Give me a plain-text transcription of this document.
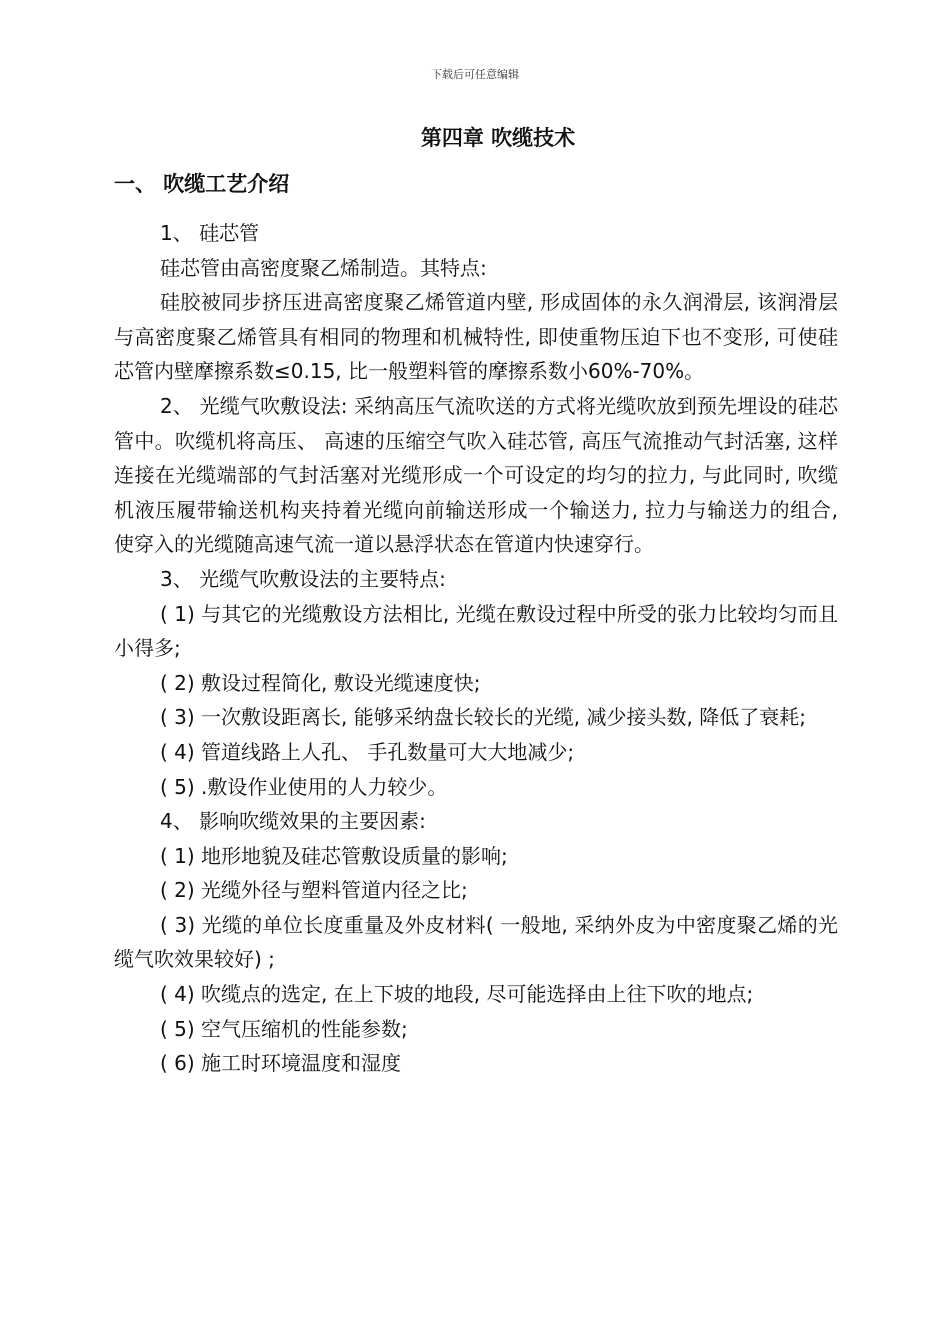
下载后可任意编辑
第四章 吹缆技术
一、 吹缆工艺介绍

1、 硅芯管

硅芯管由高密度聚乙烯制造。其特点:

硅胶被同步挤压进高密度聚乙烯管道内壁, 形成固体的永久润滑层, 该润滑层与高密度聚乙烯管具有相同的物理和机械特性, 即使重物压迫下也不变形, 可使硅芯管内壁摩擦系数≤0.15, 比一般塑料管的摩擦系数小60%-70%。

2、 光缆气吹敷设法: 采纳高压气流吹送的方式将光缆吹放到预先埋设的硅芯管中。吹缆机将高压、 高速的压缩空气吹入硅芯管, 高压气流推动气封活塞, 这样连接在光缆端部的气封活塞对光缆形成一个可设定的均匀的拉力, 与此同时, 吹缆机液压履带输送机构夹持着光缆向前输送形成一个输送力, 拉力与输送力的组合, 使穿入的光缆随高速气流一道以悬浮状态在管道内快速穿行。

3、 光缆气吹敷设法的主要特点:

( 1) 与其它的光缆敷设方法相比, 光缆在敷设过程中所受的张力比较均匀而且小得多;

( 2) 敷设过程简化, 敷设光缆速度快;

( 3) 一次敷设距离长, 能够采纳盘长较长的光缆, 减少接头数, 降低了衰耗;

( 4) 管道线路上人孔、 手孔数量可大大地减少;

( 5) .敷设作业使用的人力较少。

4、 影响吹缆效果的主要因素:

( 1) 地形地貌及硅芯管敷设质量的影响;

( 2) 光缆外径与塑料管道内径之比;

( 3) 光缆的单位长度重量及外皮材料( 一般地, 采纳外皮为中密度聚乙烯的光缆气吹效果较好) ;

( 4) 吹缆点的选定, 在上下坡的地段, 尽可能选择由上往下吹的地点;

( 5) 空气压缩机的性能参数;

( 6) 施工时环境温度和湿度
